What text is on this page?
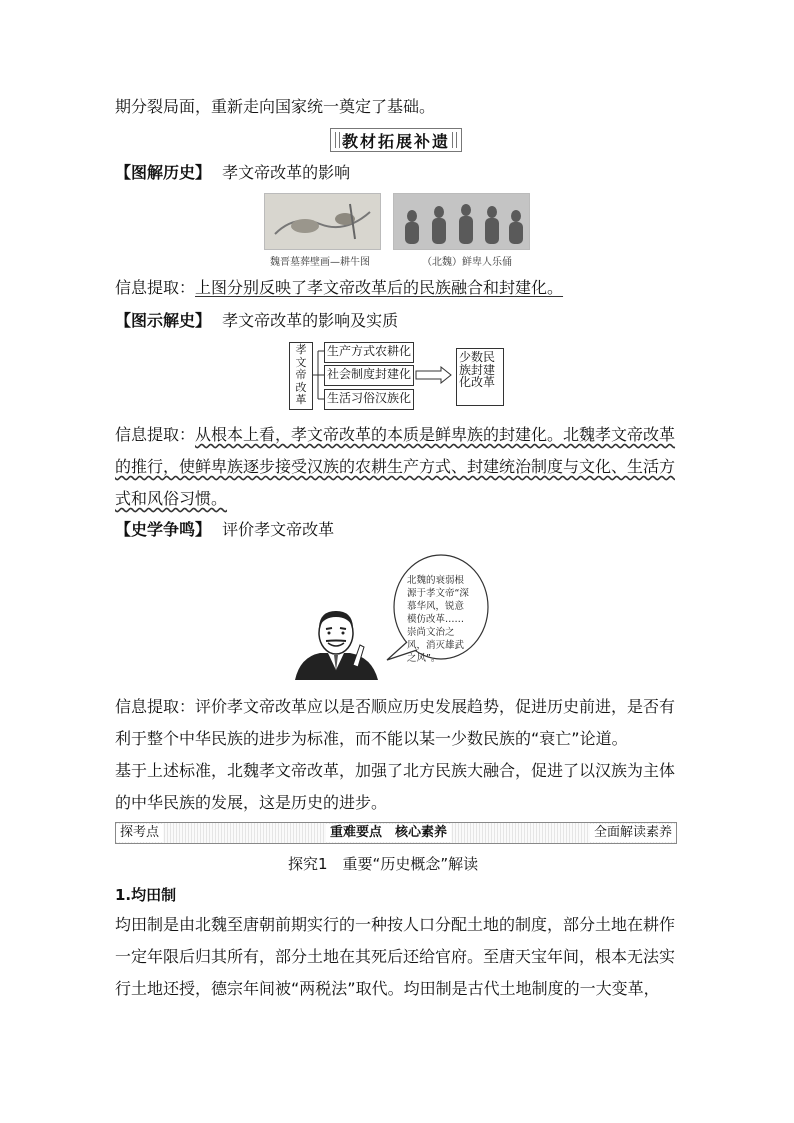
期分裂局面，重新走向国家统一奠定了基础。
教材拓展补遗
【图解历史】 孝文帝改革的影响
魏晋墓葬壁画—耕牛图	（北魏）鲜卑人乐俑
信息提取：上图分别反映了孝文帝改革后的民族融合和封建化。
【图示解史】 孝文帝改革的影响及实质
孝文帝改革
生产方式农耕化
社会制度封建化
生活习俗汉族化
少数民族封建化改革
信息提取：从根本上看，孝文帝改革的本质是鲜卑族的封建化。北魏孝文帝改革
的推行，使鲜卑族逐步接受汉族的农耕生产方式、封建统治制度与文化、生活方
式和风俗习惯。
【史学争鸣】 评价孝文帝改革
北魏的衰弱根源于孝文帝“深慕华风，锐意模仿改革……崇尚文治之风，消灭雄武之风”。
信息提取：评价孝文帝改革应以是否顺应历史发展趋势，促进历史前进，是否有
利于整个中华民族的进步为标准，而不能以某一少数民族的“衰亡”论道。
基于上述标准，北魏孝文帝改革，加强了北方民族大融合，促进了以汉族为主体
的中华民族的发展，这是历史的进步。
探考点	重难要点　核心素养	全面解读素养
探究1　重要“历史概念”解读
1.均田制
均田制是由北魏至唐朝前期实行的一种按人口分配土地的制度，部分土地在耕作
一定年限后归其所有，部分土地在其死后还给官府。至唐天宝年间，根本无法实
行土地还授，德宗年间被“两税法”取代。均田制是古代土地制度的一大变革，
